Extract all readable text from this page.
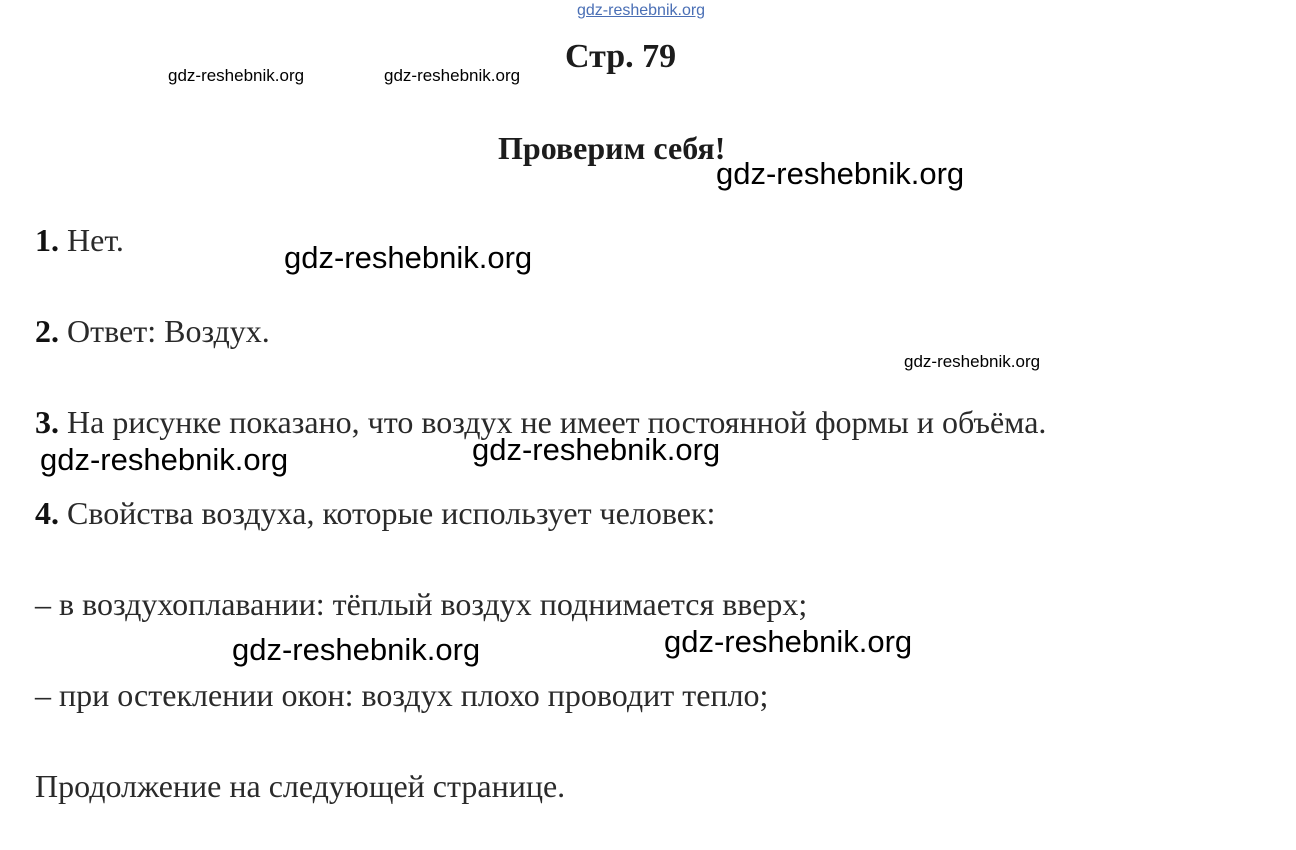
gdz-reshebnik.org
Стр. 79
gdz-reshebnik.org	gdz-reshebnik.org
Проверим себя!
gdz-reshebnik.org
1. Нет.	gdz-reshebnik.org
2. Ответ: Воздух.
gdz-reshebnik.org
3. На рисунке показано, что воздух не имеет постоянной формы и объёма.
gdz-reshebnik.org	gdz-reshebnik.org
4. Свойства воздуха, которые использует человек:
– в воздухоплавании: тёплый воздух поднимается вверх;
gdz-reshebnik.org	gdz-reshebnik.org
– при остеклении окон: воздух плохо проводит тепло;
Продолжение на следующей странице.
